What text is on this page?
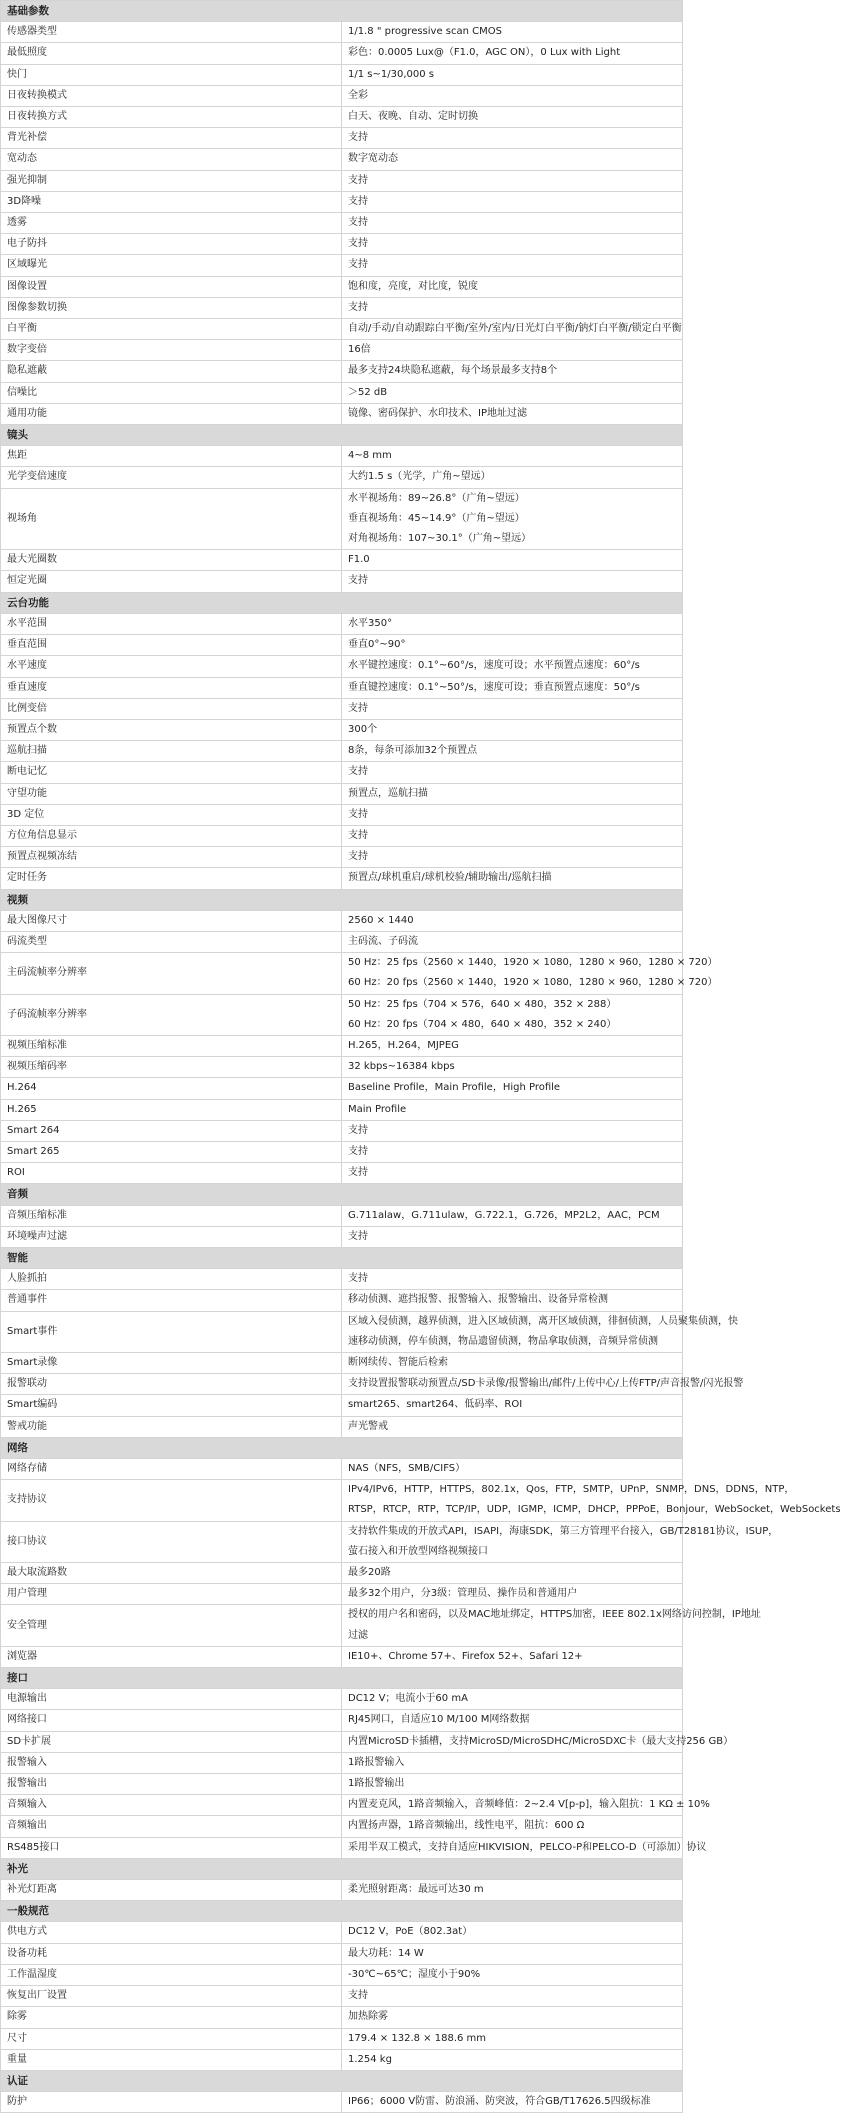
基础参数	
传感器类型	1/1.8 " progressive scan CMOS

最低照度	彩色：0.0005 Lux@（F1.0，AGC ON），0 Lux with Light

快门	1/1 s~1/30,000 s

日夜转换模式	全彩

日夜转换方式	白天、夜晚、自动、定时切换

背光补偿	支持

宽动态	数字宽动态

强光抑制	支持

3D降噪	支持

透雾	支持

电子防抖	支持

区域曝光	支持

图像设置	饱和度，亮度，对比度，锐度

图像参数切换	支持

白平衡	自动/手动/自动跟踪白平衡/室外/室内/日光灯白平衡/钠灯白平衡/锁定白平衡

数字变倍	16倍

隐私遮蔽	最多支持24块隐私遮蔽，每个场景最多支持8个

信噪比	＞52 dB

通用功能	镜像、密码保护、水印技术、IP地址过滤

镜头	
焦距	4~8 mm

光学变倍速度	大约1.5 s（光学，广角~望远）

视场角	水平视场角：89~26.8°（广角~望远）
垂直视场角：45~14.9°（广角~望远）
对角视场角：107~30.1°（广角~望远）

最大光圈数	F1.0

恒定光圈	支持

云台功能	
水平范围	水平350°

垂直范围	垂直0°~90°

水平速度	水平键控速度：0.1°~60°/s，速度可设；水平预置点速度：60°/s

垂直速度	垂直键控速度：0.1°~50°/s，速度可设；垂直预置点速度：50°/s

比例变倍	支持

预置点个数	300个

巡航扫描	8条，每条可添加32个预置点

断电记忆	支持

守望功能	预置点，巡航扫描

3D 定位	支持

方位角信息显示	支持

预置点视频冻结	支持

定时任务	预置点/球机重启/球机校验/辅助输出/巡航扫描

视频	
最大图像尺寸	2560 × 1440

码流类型	主码流、子码流

主码流帧率分辨率	50 Hz：25 fps（2560 × 1440，1920 × 1080，1280 × 960，1280 × 720）
60 Hz：20 fps（2560 × 1440，1920 × 1080，1280 × 960，1280 × 720）

子码流帧率分辨率	50 Hz：25 fps（704 × 576，640 × 480，352 × 288）
60 Hz：20 fps（704 × 480，640 × 480，352 × 240）

视频压缩标准	H.265，H.264，MJPEG

视频压缩码率	32 kbps~16384 kbps

H.264	Baseline Profile，Main Profile，High Profile

H.265	Main Profile

Smart 264	支持

Smart 265	支持

ROI	支持

音频	
音频压缩标准	G.711alaw，G.711ulaw，G.722.1，G.726，MP2L2，AAC，PCM

环境噪声过滤	支持

智能	
人脸抓拍	支持

普通事件	移动侦测、遮挡报警、报警输入、报警输出、设备异常检测

Smart事件	区域入侵侦测，越界侦测，进入区域侦测，离开区域侦测，徘徊侦测，人员聚集侦测，快
速移动侦测，停车侦测，物品遗留侦测，物品拿取侦测，音频异常侦测

Smart录像	断网续传、智能后检索

报警联动	支持设置报警联动预置点/SD卡录像/报警输出/邮件/上传中心/上传FTP/声音报警/闪光报警

Smart编码	smart265、smart264、低码率、ROI

警戒功能	声光警戒

网络	
网络存储	NAS（NFS，SMB/CIFS）

支持协议	IPv4/IPv6，HTTP，HTTPS，802.1x，Qos，FTP，SMTP，UPnP，SNMP，DNS，DDNS，NTP，
RTSP，RTCP，RTP，TCP/IP，UDP，IGMP，ICMP，DHCP，PPPoE，Bonjour，WebSocket，WebSockets

接口协议	支持软件集成的开放式API，ISAPI，海康SDK，第三方管理平台接入，GB/T28181协议，ISUP，
萤石接入和开放型网络视频接口

最大取流路数	最多20路

用户管理	最多32个用户，分3级：管理员、操作员和普通用户

安全管理	授权的用户名和密码，以及MAC地址绑定，HTTPS加密，IEEE 802.1x网络访问控制，IP地址
过滤

浏览器	IE10+、Chrome 57+、Firefox 52+、Safari 12+

接口	
电源输出	DC12 V；电流小于60 mA

网络接口	RJ45网口，自适应10 M/100 M网络数据

SD卡扩展	内置MicroSD卡插槽，支持MicroSD/MicroSDHC/MicroSDXC卡（最大支持256 GB）

报警输入	1路报警输入

报警输出	1路报警输出

音频输入	内置麦克风，1路音频输入，音频峰值：2~2.4 V[p-p]，输入阻抗：1 KΩ ± 10%

音频输出	内置扬声器，1路音频输出，线性电平，阻抗：600 Ω

RS485接口	采用半双工模式，支持自适应HIKVISION，PELCO-P和PELCO-D（可添加）协议

补光	
补光灯距离	柔光照射距离：最远可达30 m

一般规范	
供电方式	DC12 V，PoE（802.3at）

设备功耗	最大功耗：14 W

工作温湿度	-30℃~65℃；湿度小于90%

恢复出厂设置	支持

除雾	加热除雾

尺寸	179.4 × 132.8 × 188.6 mm

重量	1.254 kg

认证	
防护	IP66；6000 V防雷、防浪涌、防突波，符合GB/T17626.5四级标准
